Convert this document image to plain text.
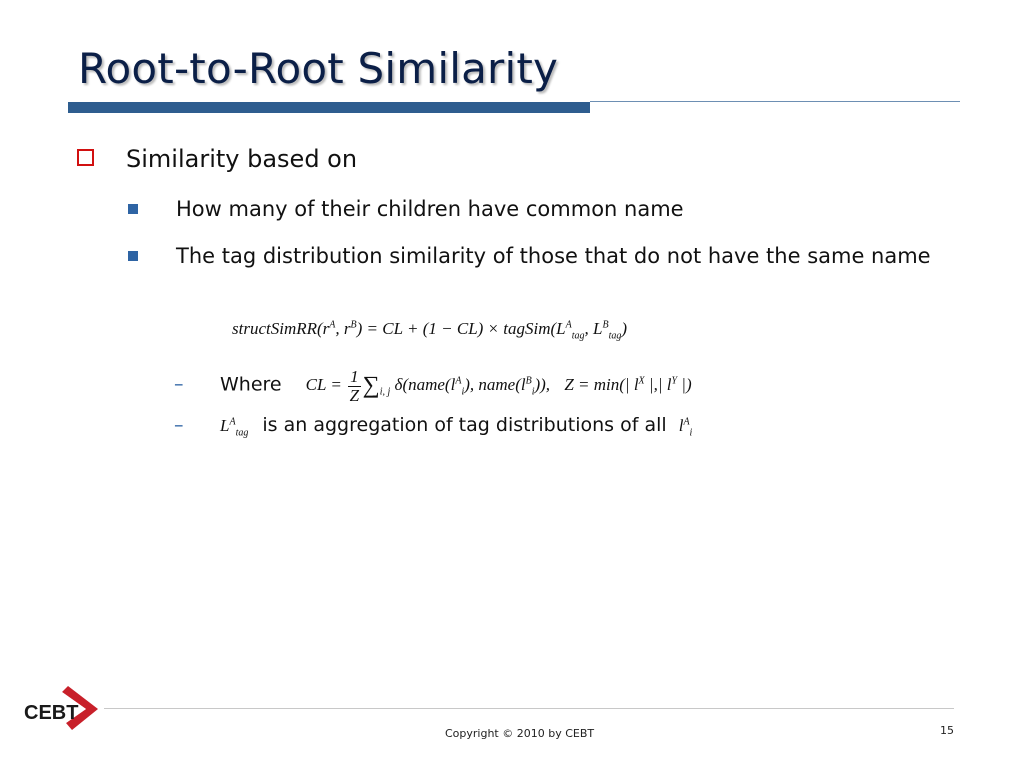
Root-to-Root Similarity
Similarity based on
How many of their children have common name
The tag distribution similarity of those that do not have the same name
$structSimRR(r^A$, $r^B$) = CL + $(1 - CL) \times tagSim(L^A_{tag}$, $L^B_{tag}$)
– Where CL = $\frac{1}{Z} \sum_{i, j}$ $\delta(name(l^A_i)$, $name(l^B_i)$), Z = min(| $l^X$ |,| $l^Y$ |)
– $L^A_{tag}$ is an aggregation of tag distributions of all $l^A_i$
CEBT
Copyright © 2010 by CEBT	15
